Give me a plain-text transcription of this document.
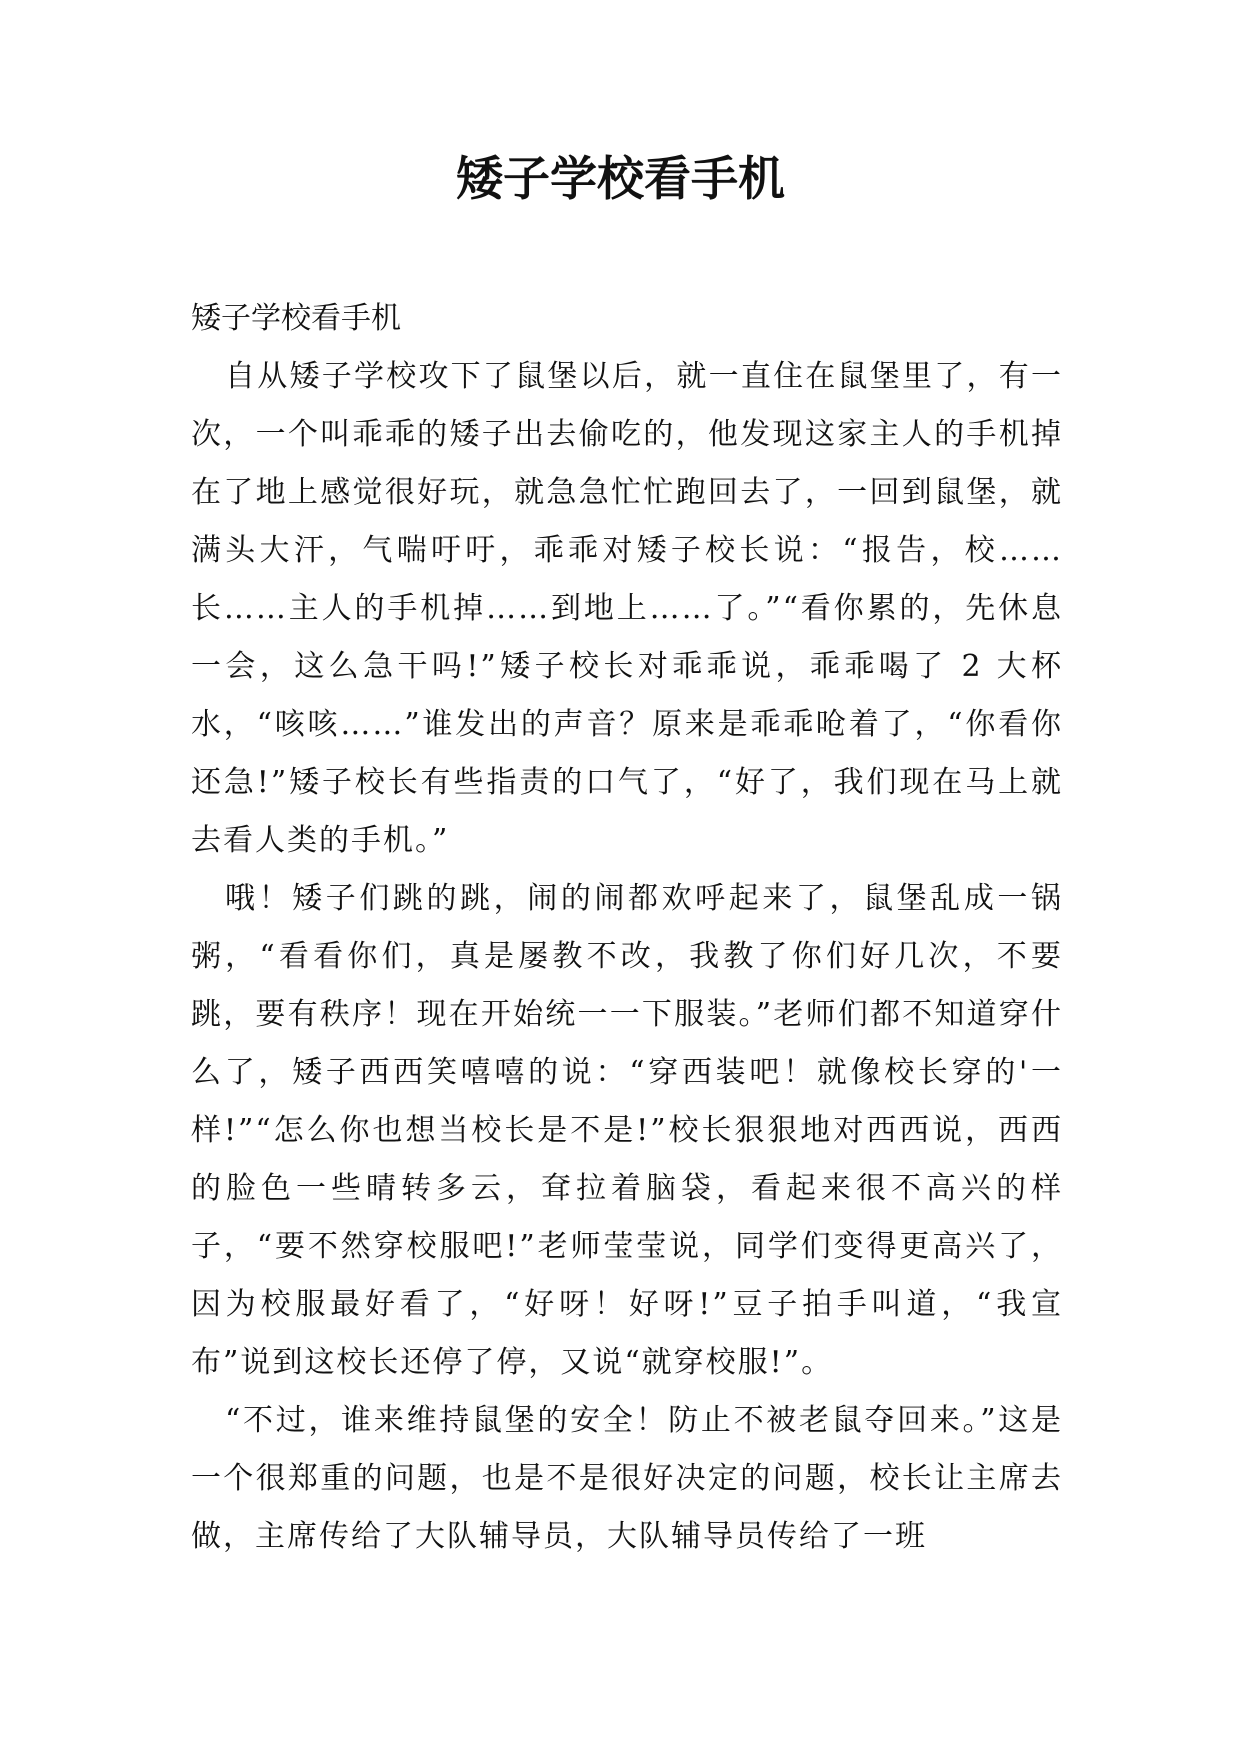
矮子学校看手机

矮子学校看手机

自从矮子学校攻下了鼠堡以后，就一直住在鼠堡里了，有一次，一个叫乖乖的矮子出去偷吃的，他发现这家主人的手机掉在了地上感觉很好玩，就急急忙忙跑回去了，一回到鼠堡，就满头大汗，气喘吁吁，乖乖对矮子校长说：“报告，校……长……主人的手机掉……到地上……了。”“看你累的，先休息一会，这么急干吗!”矮子校长对乖乖说，乖乖喝了 2 大杯水，“咳咳……”谁发出的声音？原来是乖乖呛着了，“你看你还急!”矮子校长有些指责的口气了，“好了，我们现在马上就去看人类的手机。”

哦！矮子们跳的跳，闹的闹都欢呼起来了，鼠堡乱成一锅粥，“看看你们，真是屡教不改，我教了你们好几次，不要跳，要有秩序！现在开始统一一下服装。”老师们都不知道穿什么了，矮子西西笑嘻嘻的说：“穿西装吧！就像校长穿的'一样!”“怎么你也想当校长是不是!”校长狠狠地对西西说，西西的脸色一些晴转多云，耷拉着脑袋，看起来很不高兴的样子，“要不然穿校服吧!”老师莹莹说，同学们变得更高兴了，因为校服最好看了，“好呀！好呀!”豆子拍手叫道，“我宣布”说到这校长还停了停，又说“就穿校服!”。

“不过，谁来维持鼠堡的安全！防止不被老鼠夺回来。”这是一个很郑重的问题，也是不是很好决定的问题，校长让主席去做，主席传给了大队辅导员，大队辅导员传给了一班
